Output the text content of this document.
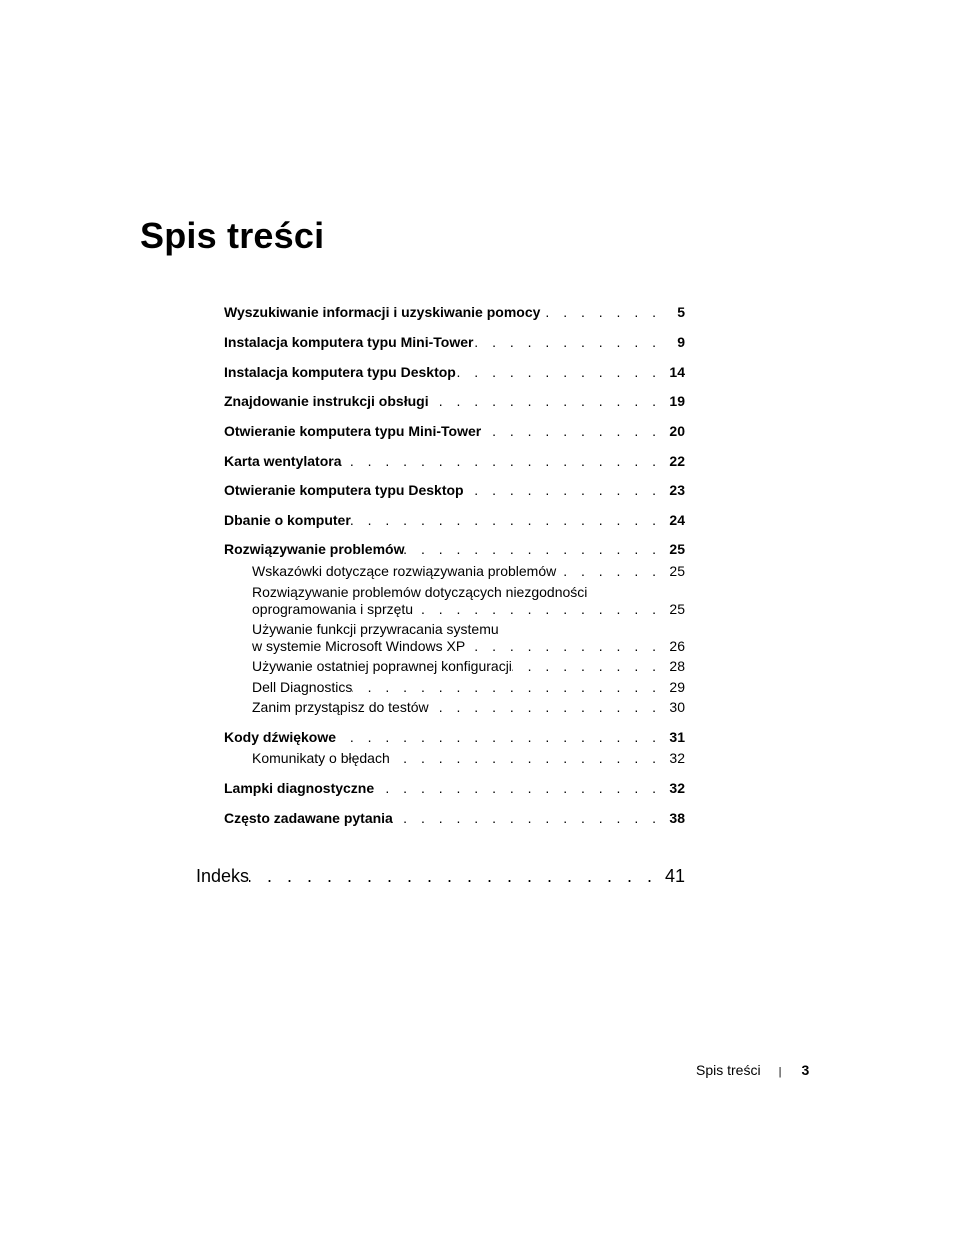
Spis treści
Wyszukiwanie informacji i uzyskiwanie pomocy . . .	5
Instalacja komputera typu Mini-Tower . . .	9
Instalacja komputera typu Desktop . . .	14
Znajdowanie instrukcji obsługi . . .	19
Otwieranie komputera typu Mini-Tower . . .	20
Karta wentylatora . . .	22
Otwieranie komputera typu Desktop . . .	23
Dbanie o komputer . . .	24
Rozwiązywanie problemów . . .	25
Wskazówki dotyczące rozwiązywania problemów . . .	25
Rozwiązywanie problemów dotyczących niezgodności
oprogramowania i sprzętu . . .	25
Używanie funkcji przywracania systemu
w systemie Microsoft Windows XP . . .	26
Używanie ostatniej poprawnej konfiguracji . . .	28
Dell Diagnostics . . .	29
Zanim przystąpisz do testów . . .	30
Kody dźwiękowe . . .	31
Komunikaty o błędach . . .	32
Lampki diagnostyczne . . .	32
Często zadawane pytania . . .	38
Indeks . . .	41
Spis treści | 3
